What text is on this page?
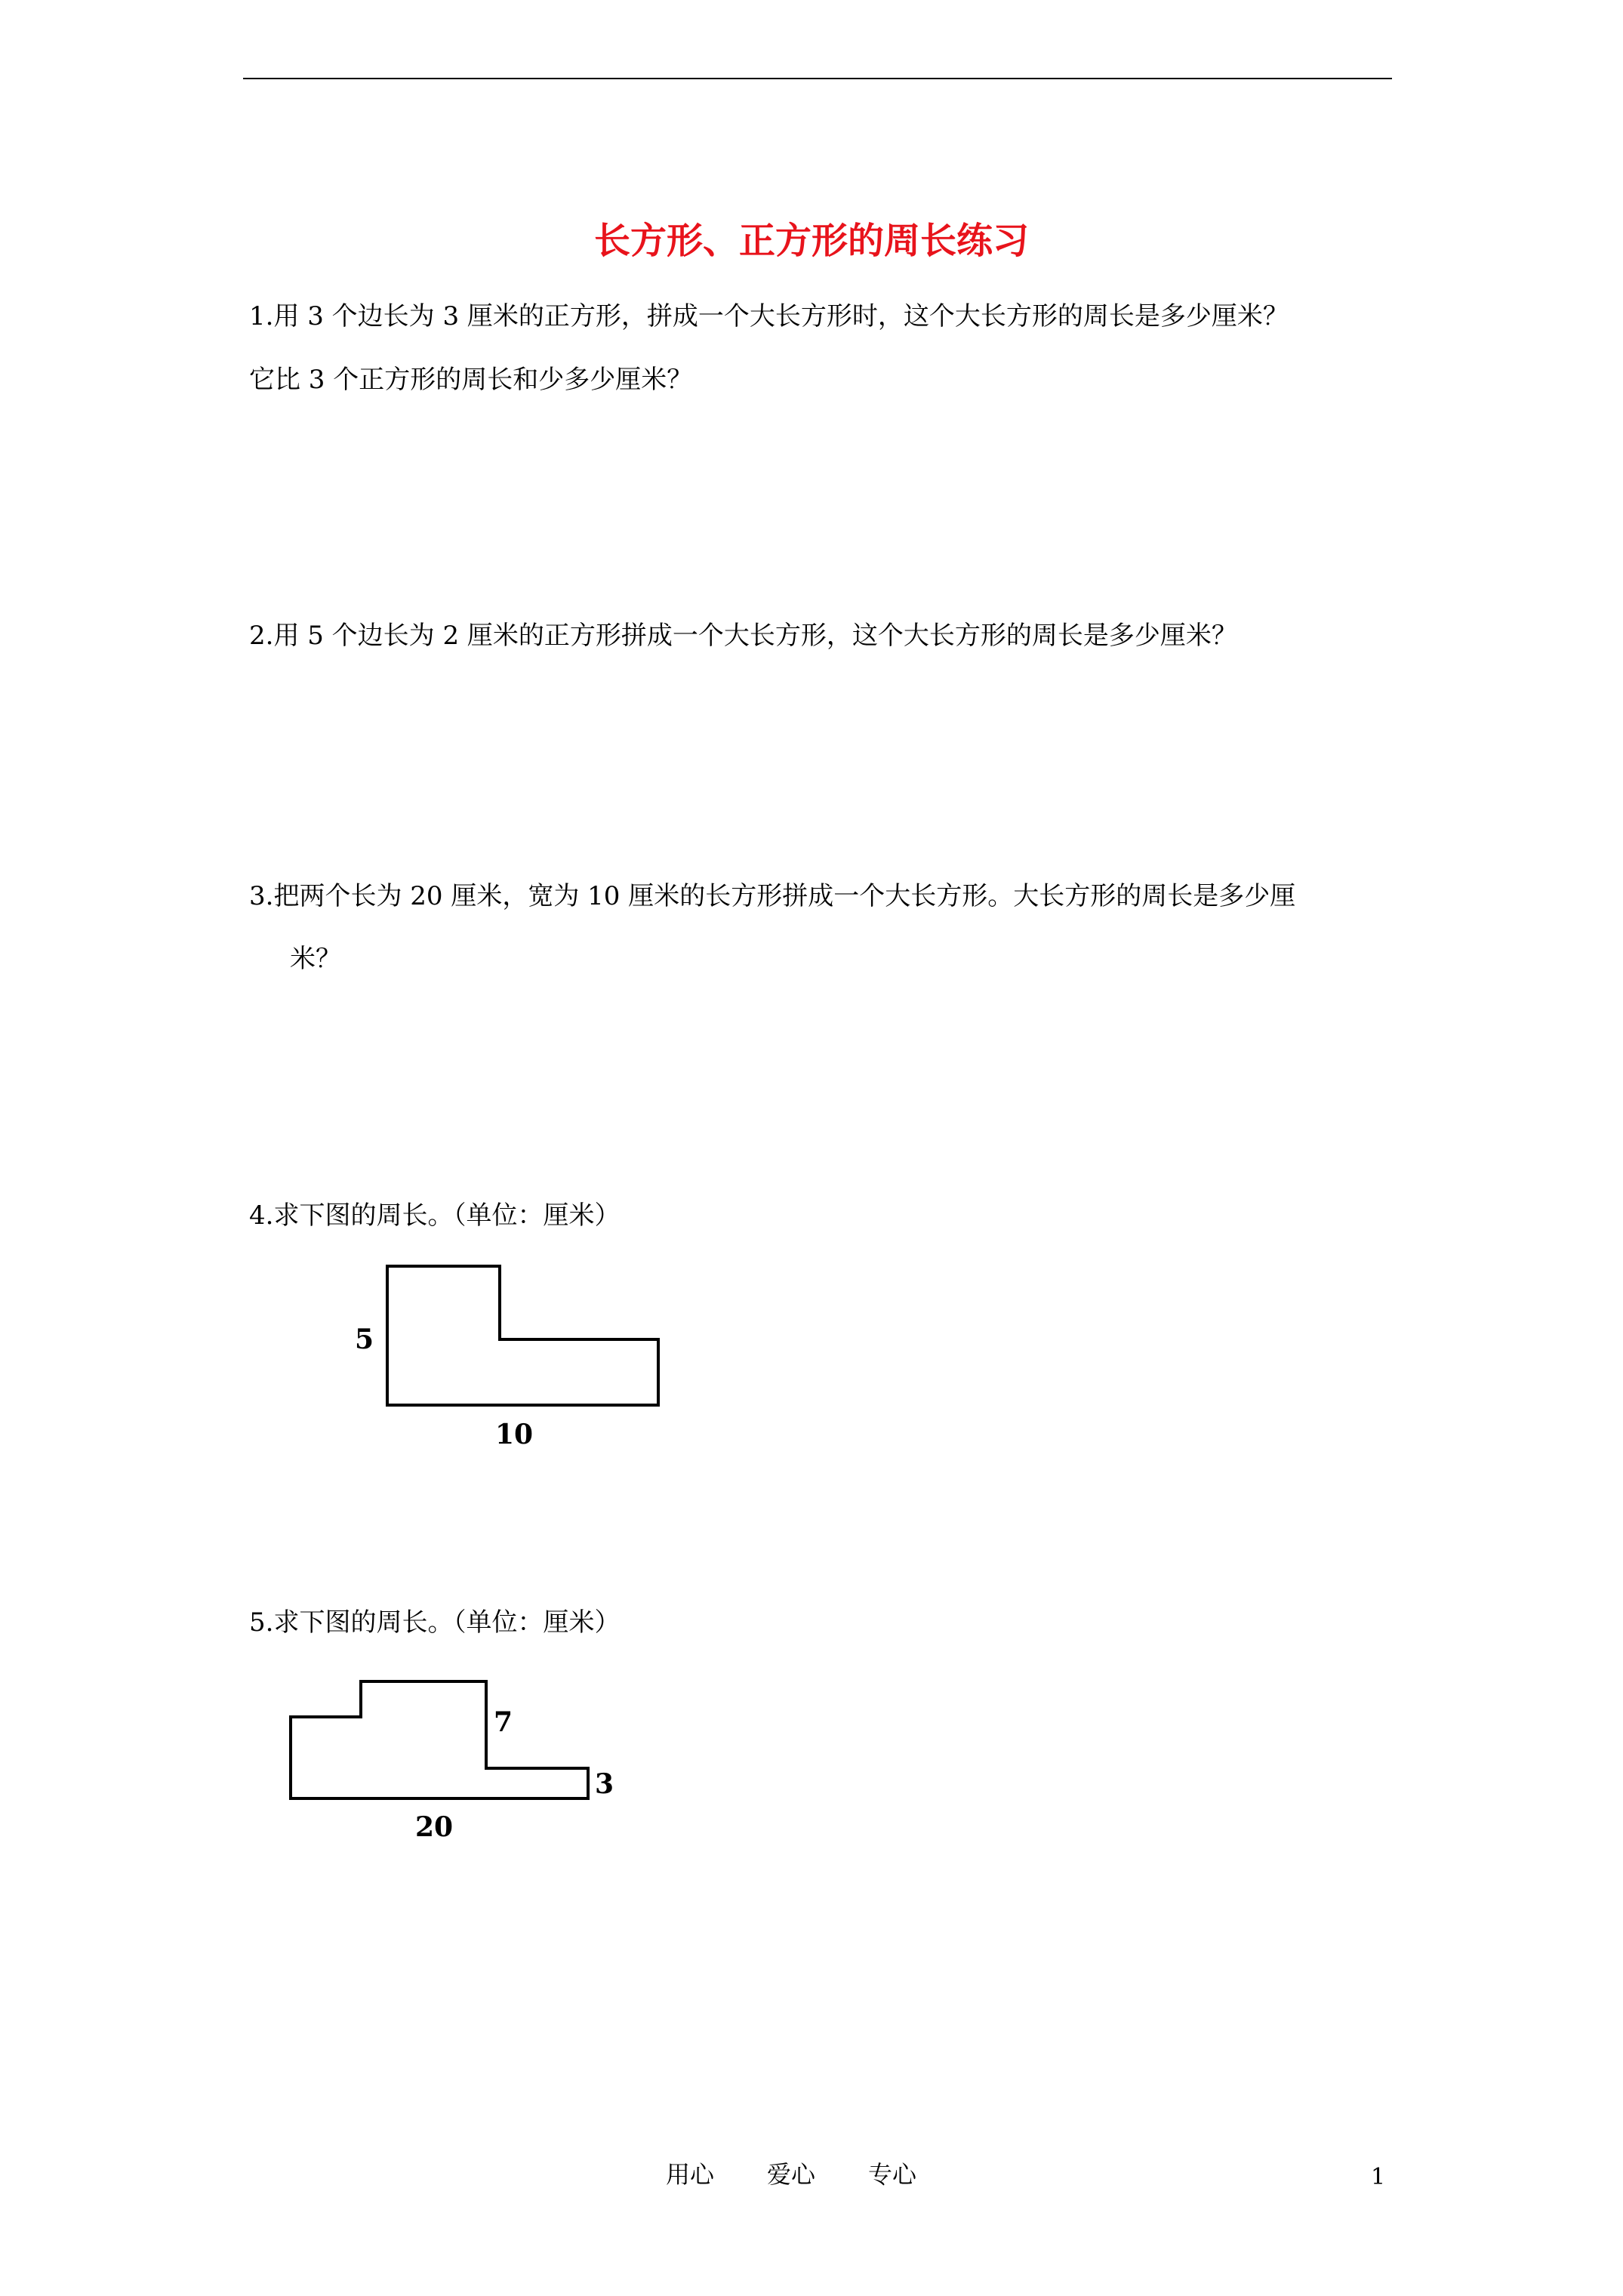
长方形、正方形的周长练习
1.用 3 个边长为 3 厘米的正方形，拼成一个大长方形时，这个大长方形的周长是多少厘米？
它比 3 个正方形的周长和少多少厘米？
2.用 5 个边长为 2 厘米的正方形拼成一个大长方形，这个大长方形的周长是多少厘米？
3.把两个长为 20 厘米，宽为 10 厘米的长方形拼成一个大长方形。大长方形的周长是多少厘
米？
4.求下图的周长。（单位：厘米）
5
10
5.求下图的周长。（单位：厘米）
7
3
20
用心 爱心 专心	1
